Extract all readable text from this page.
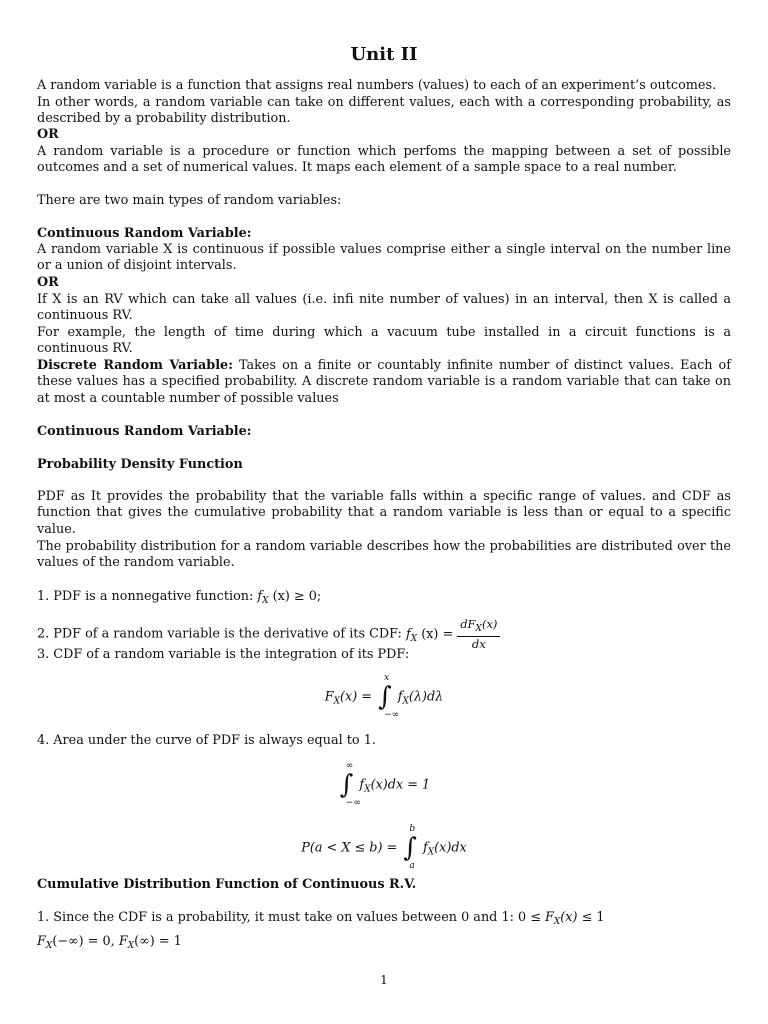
Unit II
A random variable is a function that assigns real numbers (values) to each of an experiment’s outcomes.
In other words, a random variable can take on different values, each with a corresponding probability, as described by a probability distribution.
OR
A random variable is a procedure or function which perfoms the mapping between a set of possible outcomes and a set of numerical values. It maps each element of a sample space to a real number.
There are two main types of random variables:
Continuous Random Variable:
A random variable X is continuous if possible values comprise either a single interval on the number line or a union of disjoint intervals.
OR
If X is an RV which can take all values (i.e. infi nite number of values) in an interval, then X is called a continuous RV.
For example, the length of time during which a vacuum tube installed in a circuit functions is a continuous RV.
Discrete Random Variable: Takes on a finite or countably infinite number of distinct values. Each of these values has a specified probability. A discrete random variable is a random variable that can take on at most a countable number of possible values
Continuous Random Variable:
Probability Density Function
PDF as It provides the probability that the variable falls within a specific range of values. and CDF as function that gives the cumulative probability that a random variable is less than or equal to a specific value.
The probability distribution for a random variable describes how the probabilities are distributed over the values of the random variable.
1. PDF is a nonnegative function: $f_X$ (x) ≥ 0;
2. PDF of a random variable is the derivative of its CDF: $f_X$ $(x) = \frac{dF_X(x)}{dx}$
3. CDF of a random variable is the integration of its PDF:
$F_X(x)$ = ∫
x
−∞
$f_X(\lambda)d\lambda$
4. Area under the curve of PDF is always equal to 1.
∫
∞
−∞
$f_X(x)dx = 1$
P(a < X ≤ b) = ∫
b
a
$f_X(x)dx$
Cumulative Distribution Function of Continuous R.V.
1. Since the CDF is a probability, it must take on values between 0 and 1: $0 \le F_X(x) \le 1$
$F_X(-\infty) = 0$, $F_X(\infty) = 1$
1
